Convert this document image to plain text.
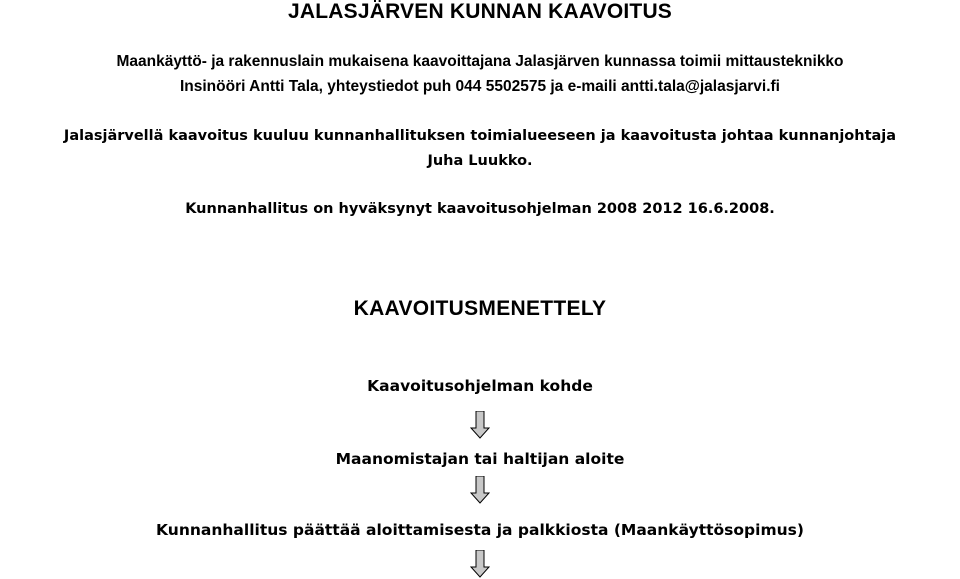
JALASJÄRVEN KUNNAN KAAVOITUS

Maankäyttö- ja rakennuslain mukaisena kaavoittajana Jalasjärven kunnassa toimii mittausteknikko

Insinööri Antti Tala, yhteystiedot puh 044 5502575 ja e-maili antti.tala@jalasjarvi.fi

Jalasjärvellä kaavoitus kuuluu kunnanhallituksen toimialueeseen ja kaavoitusta johtaa kunnanjohtaja

Juha Luukko.

Kunnanhallitus on hyväksynyt kaavoitusohjelman 2008 2012 16.6.2008.

KAAVOITUSMENETTELY

Kaavoitusohjelman kohde

Maanomistajan tai haltijan aloite

Kunnanhallitus päättää aloittamisesta ja palkkiosta (Maankäyttösopimus)
